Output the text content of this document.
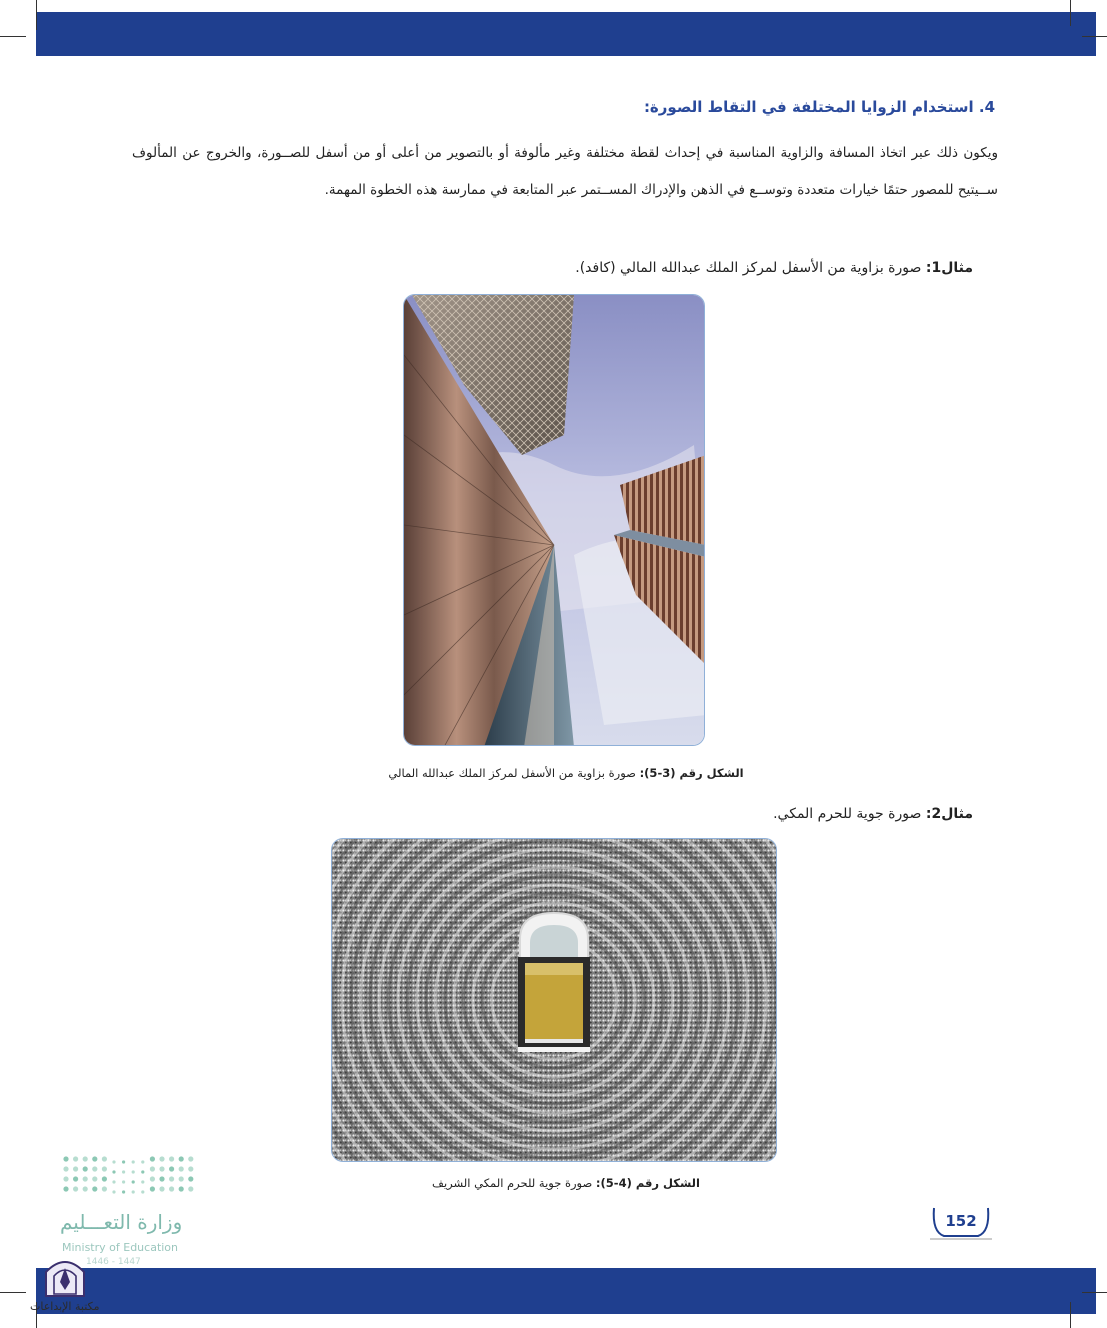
4. استخدام الزوايا المختلفة في التقاط الصورة:

ويكون ذلك عبر اتخاذ المسافة والزاوية المناسبة في إحداث لقطة مختلفة وغير مألوفة أو بالتصوير من أعلى أو من أسفل للصــورة، والخروج عن المألوف ســيتيح للمصور حتمًا خيارات متعددة وتوســع في الذهن والإدراك المســتمر عبر المتابعة في ممارسة هذه الخطوة المهمة.

مثال1: صورة بزاوية من الأسفل لمركز الملك عبدالله المالي (كافد).
الشكل رقم (3-5): صورة بزاوية من الأسفل لمركز الملك عبدالله المالي
مثال2: صورة جوية للحرم المكي.
الشكل رقم (4-5): صورة جوية للحرم المكي الشريف
152
وزارة التعـــليم
Ministry of Education
1446 - 1447
مكتبة الإبداعات
